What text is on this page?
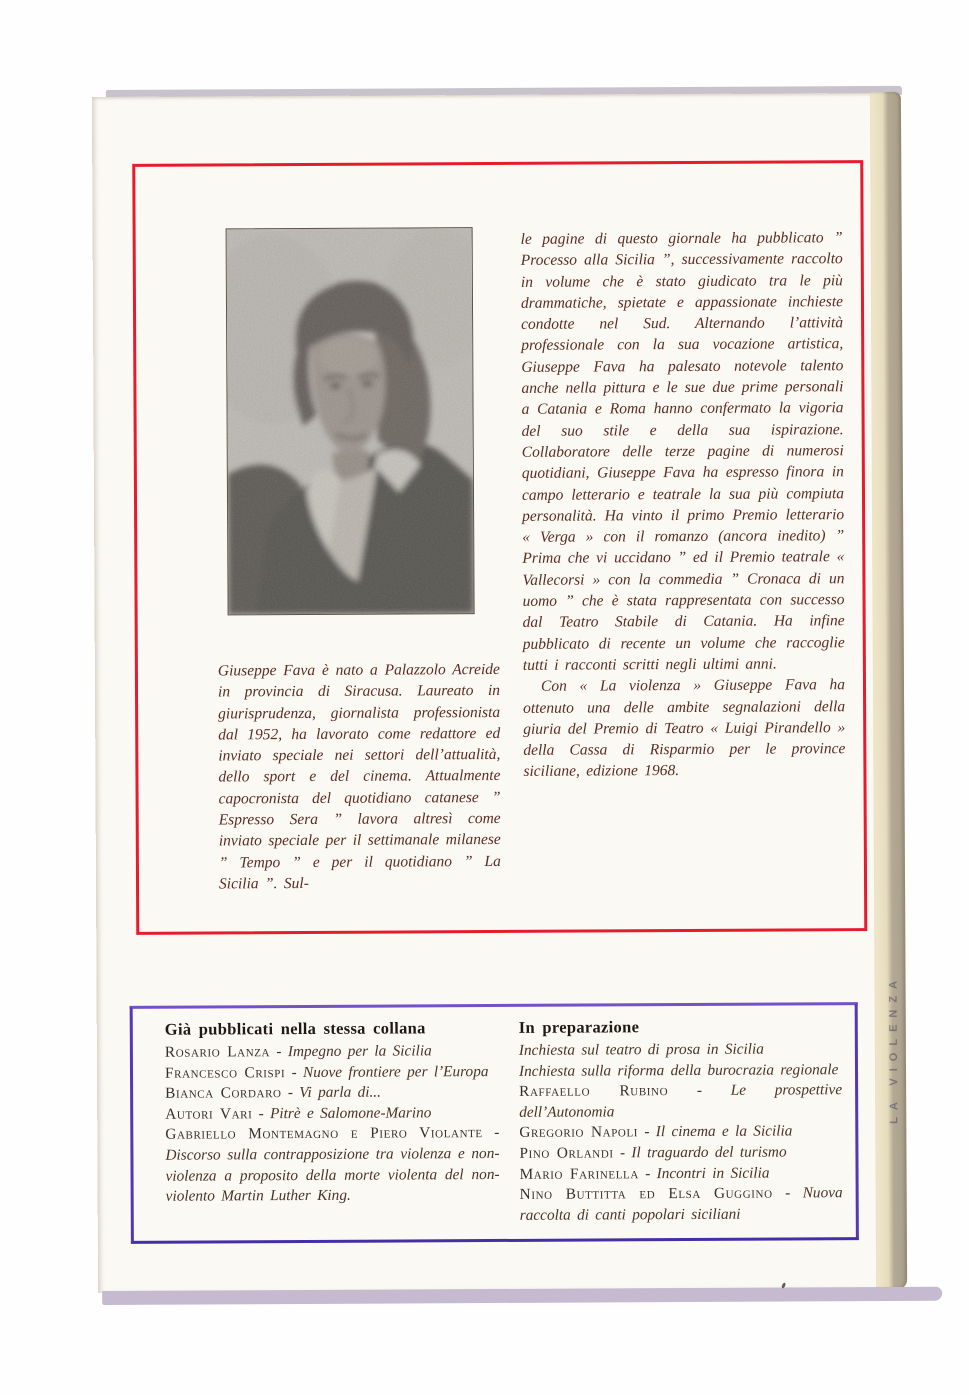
Giuseppe Fava è nato a Palazzolo Acreide in provincia di Siracusa. Laureato in giurisprudenza, giornalista professionista dal 1952, ha lavorato come redattore ed inviato speciale nei settori dell’attualità, dello sport e del cinema. Attualmente capocronista del quotidiano catanese ” Espresso Sera ” lavora altresì come inviato speciale per il settimanale milanese ” Tempo ” e per il quotidiano ” La Sicilia ”. Sul-

le pagine di questo giornale ha pubblicato ” Processo alla Sicilia ”, successivamente raccolto in volume che è stato giudicato tra le più drammatiche, spietate e appassionate inchieste condotte nel Sud. Alternando l’attività professionale con la sua vocazione artistica, Giuseppe Fava ha palesato notevole talento anche nella pittura e le sue due prime personali a Catania e Roma hanno confermato la vigoria del suo stile e della sua ispirazione. Collaboratore delle terze pagine di numerosi quotidiani, Giuseppe Fava ha espresso finora in campo letterario e teatrale la sua più compiuta personalità. Ha vinto il primo Premio letterario « Verga » con il romanzo (ancora inedito) ” Prima che vi uccidano ” ed il Premio teatrale « Vallecorsi » con la commedia ” Cronaca di un uomo ” che è stata rappresentata con successo dal Teatro Stabile di Catania. Ha infine pubblicato di recente un volume che raccoglie tutti i racconti scritti negli ultimi anni.

Con « La violenza » Giuseppe Fava ha ottenuto una delle ambite segnalazioni della giuria del Premio di Teatro « Luigi Pirandello » della Cassa di Risparmio per le province siciliane, edizione 1968.

Già pubblicati nella stessa collana
Rosario Lanza - Impegno per la Sicilia
Francesco Crispi - Nuove frontiere per l’Europa
Bianca Cordaro - Vi parla di...
Autori Vari - Pitrè e Salomone-Marino
Gabriello Montemagno e Piero Violante - Discorso sulla contrapposizione tra violenza e non-violenza a proposito della morte violenta del non-violento Martin Luther King.
In preparazione
Inchiesta sul teatro di prosa in Sicilia
Inchiesta sulla riforma della burocrazia regionale
Raffaello Rubino - Le prospettive dell’Autonomia
Gregorio Napoli - Il cinema e la Sicilia
Pino Orlandi - Il traguardo del turismo
Mario Farinella - Incontri in Sicilia
Nino Buttitta ed Elsa Guggino - Nuova raccolta di canti popolari siciliani
LA VIOLENZA
